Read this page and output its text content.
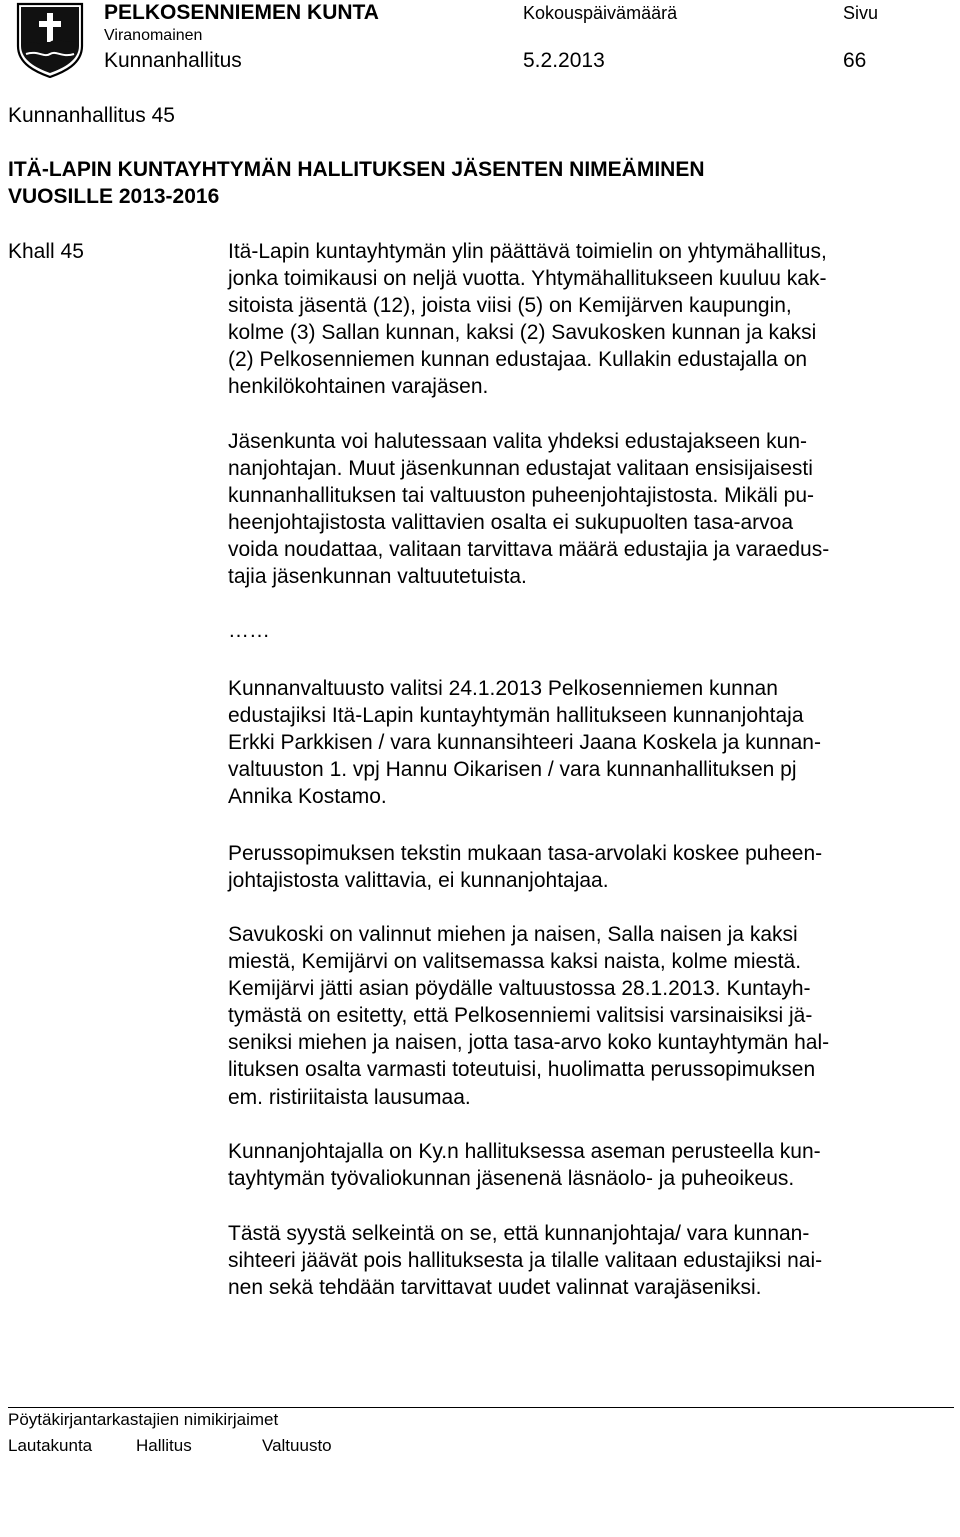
PELKOSENNIEMEN KUNTA
Viranomainen
Kunnanhallitus
Kokouspäivämäärä
5.2.2013
Sivu
66
Kunnanhallitus 45
ITÄ-LAPIN KUNTAYHTYMÄN HALLITUKSEN JÄSENTEN NIMEÄMINEN
VUOSILLE 2013-2016
Khall 45	Itä-Lapin kuntayhtymän ylin päättävä toimielin on yhtymähallitus,
jonka toimikausi on neljä vuotta. Yhtymähallitukseen kuuluu kak-
sitoista jäsentä (12), joista viisi (5) on Kemijärven kaupungin,
kolme (3) Sallan kunnan, kaksi (2) Savukosken kunnan ja kaksi
(2) Pelkosenniemen kunnan edustajaa. Kullakin edustajalla on
henkilökohtainen varajäsen.
Jäsenkunta voi halutessaan valita yhdeksi edustajakseen kun-
nanjohtajan. Muut jäsenkunnan edustajat valitaan ensisijaisesti
kunnanhallituksen tai valtuuston puheenjohtajistosta. Mikäli pu-
heenjohtajistosta valittavien osalta ei sukupuolten tasa-arvoa
voida noudattaa, valitaan tarvittava määrä edustajia ja varaedus-
tajia jäsenkunnan valtuutetuista.
……
Kunnanvaltuusto valitsi 24.1.2013 Pelkosenniemen kunnan
edustajiksi Itä-Lapin kuntayhtymän hallitukseen kunnanjohtaja
Erkki Parkkisen / vara kunnansihteeri Jaana Koskela ja kunnan-
valtuuston 1. vpj Hannu Oikarisen / vara kunnanhallituksen pj
Annika Kostamo.
Perussopimuksen tekstin mukaan tasa-arvolaki koskee puheen-
johtajistosta valittavia, ei kunnanjohtajaa.
Savukoski on valinnut miehen ja naisen, Salla naisen ja kaksi
miestä, Kemijärvi on valitsemassa kaksi naista, kolme miestä.
Kemijärvi jätti asian pöydälle valtuustossa 28.1.2013. Kuntayh-
tymästä on esitetty, että Pelkosenniemi valitsisi varsinaisiksi jä-
seniksi miehen ja naisen, jotta tasa-arvo koko kuntayhtymän hal-
lituksen osalta varmasti toteutuisi, huolimatta perussopimuksen
em. ristiriitaista lausumaa.
Kunnanjohtajalla on Ky.n hallituksessa aseman perusteella kun-
tayhtymän työvaliokunnan jäsenenä läsnäolo- ja puheoikeus.
Tästä syystä selkeintä on se, että kunnanjohtaja/ vara kunnan-
sihteeri jäävät pois hallituksesta ja tilalle valitaan edustajiksi nai-
nen sekä tehdään tarvittavat uudet valinnat varajäseniksi.
Pöytäkirjantarkastajien nimikirjaimet
Lautakunta	Hallitus	Valtuusto
